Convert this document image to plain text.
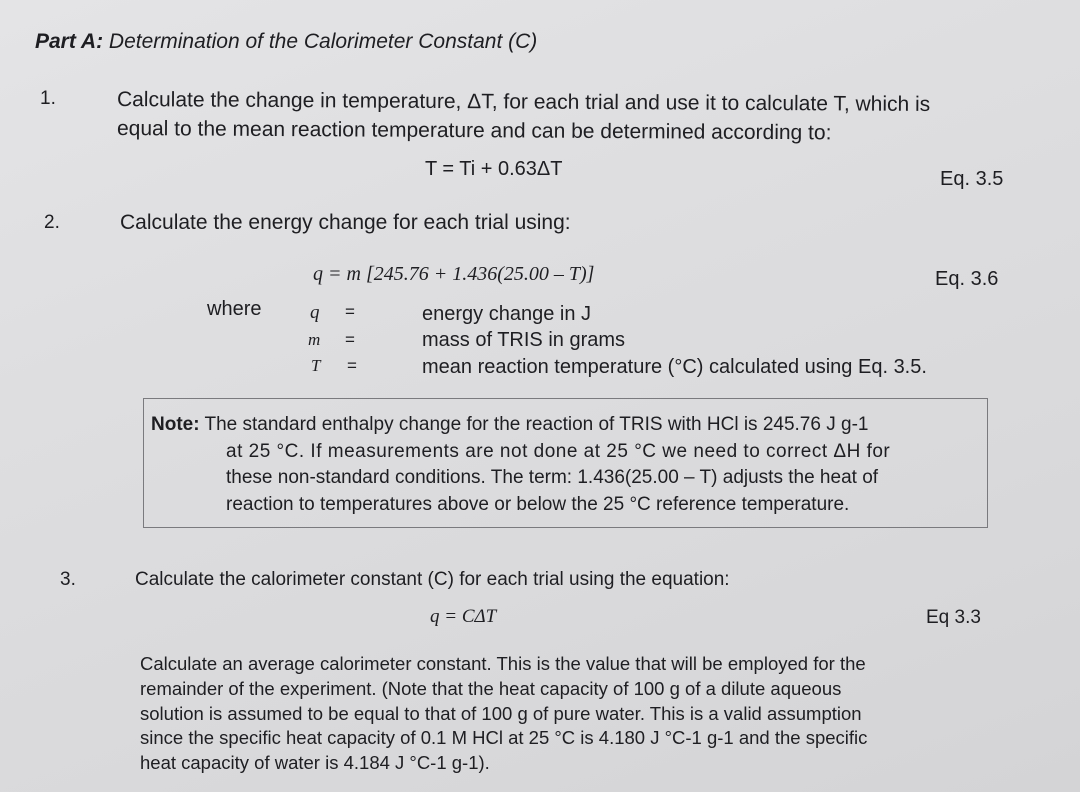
Part A: Determination of the Calorimeter Constant (C)
1.	Calculate the change in temperature, ΔT, for each trial and use it to calculate T, which is
equal to the mean reaction temperature and can be determined according to:
T = Ti + 0.63ΔT	Eq. 3.5
2.	Calculate the energy change for each trial using:
q = m [245.76 + 1.436(25.00 – T)]	Eq. 3.6
where	q =	energy change in J
m =	mass of TRIS in grams
T =	mean reaction temperature (°C) calculated using Eq. 3.5.
Note: The standard enthalpy change for the reaction of TRIS with HCl is 245.76 J g-1
at 25 °C. If measurements are not done at 25 °C we need to correct ΔH for
these non-standard conditions. The term: 1.436(25.00 – T) adjusts the heat of
reaction to temperatures above or below the 25 °C reference temperature.
3.	Calculate the calorimeter constant (C) for each trial using the equation:
q = CΔT	Eq 3.3
Calculate an average calorimeter constant. This is the value that will be employed for the
remainder of the experiment. (Note that the heat capacity of 100 g of a dilute aqueous
solution is assumed to be equal to that of 100 g of pure water. This is a valid assumption
since the specific heat capacity of 0.1 M HCl at 25 °C is 4.180 J °C-1 g-1 and the specific
heat capacity of water is 4.184 J °C-1 g-1).
